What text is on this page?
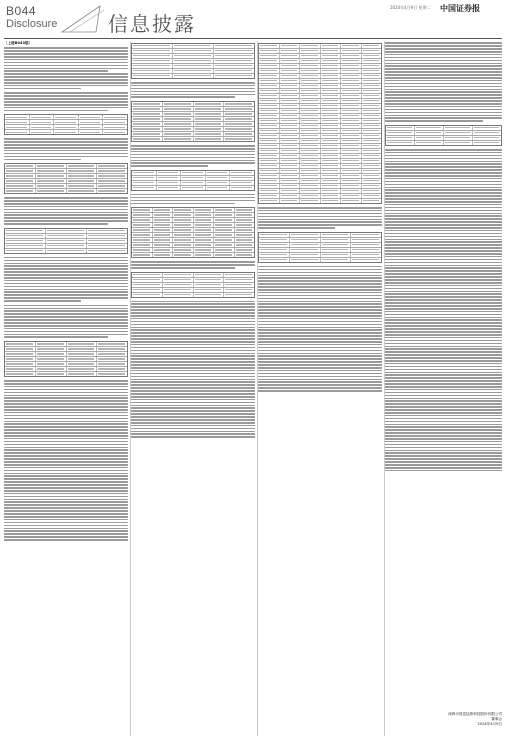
B044
Disclosure	信息披露
2024年4月9日 星期二 中国证券报
（上接B043版）
深圳市财富趋势科技股份有限公司
董事会
2024年4月9日
